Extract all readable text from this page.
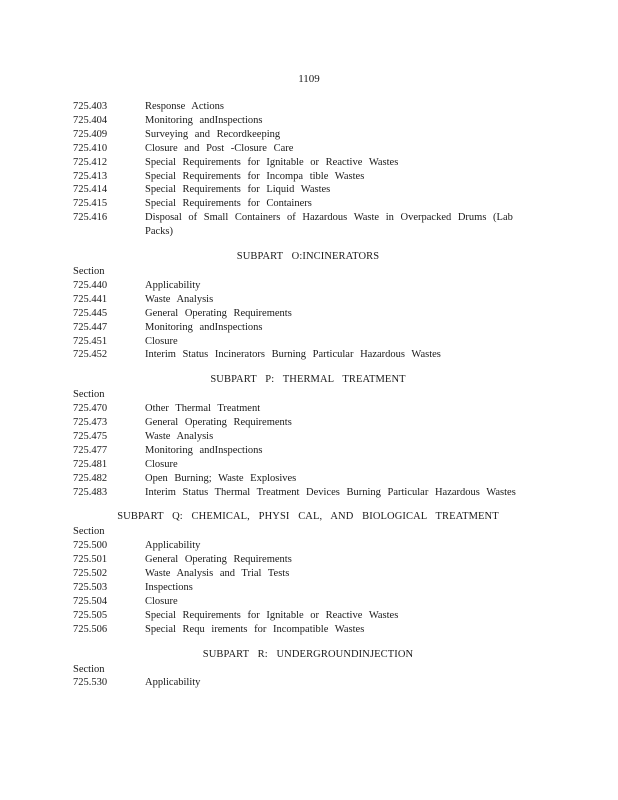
1109
725.403	Response Actions
725.404	Monitoring andInspections
725.409	Surveying and Recordkeeping
725.410	Closure and Post -Closure Care
725.412	Special Requirements for Ignitable or Reactive Wastes
725.413	Special Requirements for Incompa tible Wastes
725.414	Special Requirements for Liquid Wastes
725.415	Special Requirements for Containers
725.416	Disposal of Small Containers of Hazardous Waste in Overpacked Drums (Lab Packs)
SUBPART O:INCINERATORS
Section
725.440	Applicability
725.441	Waste Analysis
725.445	General Operating Requirements
725.447	Monitoring andInspections
725.451	Closure
725.452	Interim Status Incinerators Burning Particular Hazardous Wastes
SUBPART P: THERMAL TREATMENT
Section
725.470	Other Thermal Treatment
725.473	General Operating Requirements
725.475	Waste Analysis
725.477	Monitoring andInspections
725.481	Closure
725.482	Open Burning; Waste Explosives
725.483	Interim Status Thermal Treatment Devices Burning Particular Hazardous Wastes
SUBPART Q: CHEMICAL, PHYSI CAL, AND BIOLOGICAL TREATMENT
Section
725.500	Applicability
725.501	General Operating Requirements
725.502	Waste Analysis and Trial Tests
725.503	Inspections
725.504	Closure
725.505	Special Requirements for Ignitable or Reactive Wastes
725.506	Special Requ irements for Incompatible Wastes
SUBPART R: UNDERGROUNDINJECTION
Section
725.530	Applicability
